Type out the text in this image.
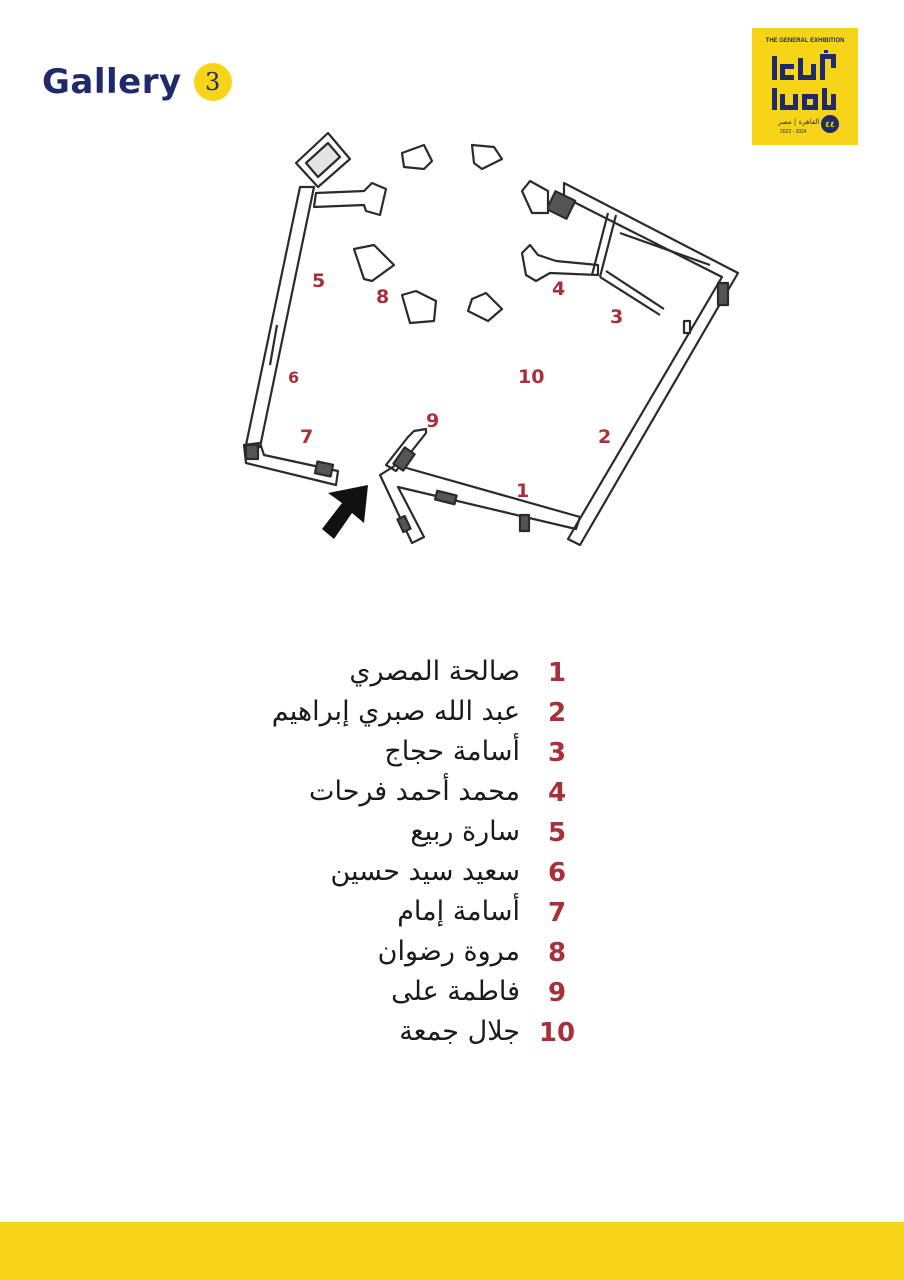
Gallery 3
THE GENERAL EXHIBITION
القاهرة | مصر
2023 - 2024
٤٤
1
2
3
4
5
6
7
8
9
10
صالحة المصري	1
عبد الله صبري إبراهيم	2
أسامة حجاج	3
محمد أحمد فرحات	4
سارة ربيع	5
سعيد سيد حسين	6
أسامة إمام	7
مروة رضوان	8
فاطمة على	9
جلال جمعة 10
